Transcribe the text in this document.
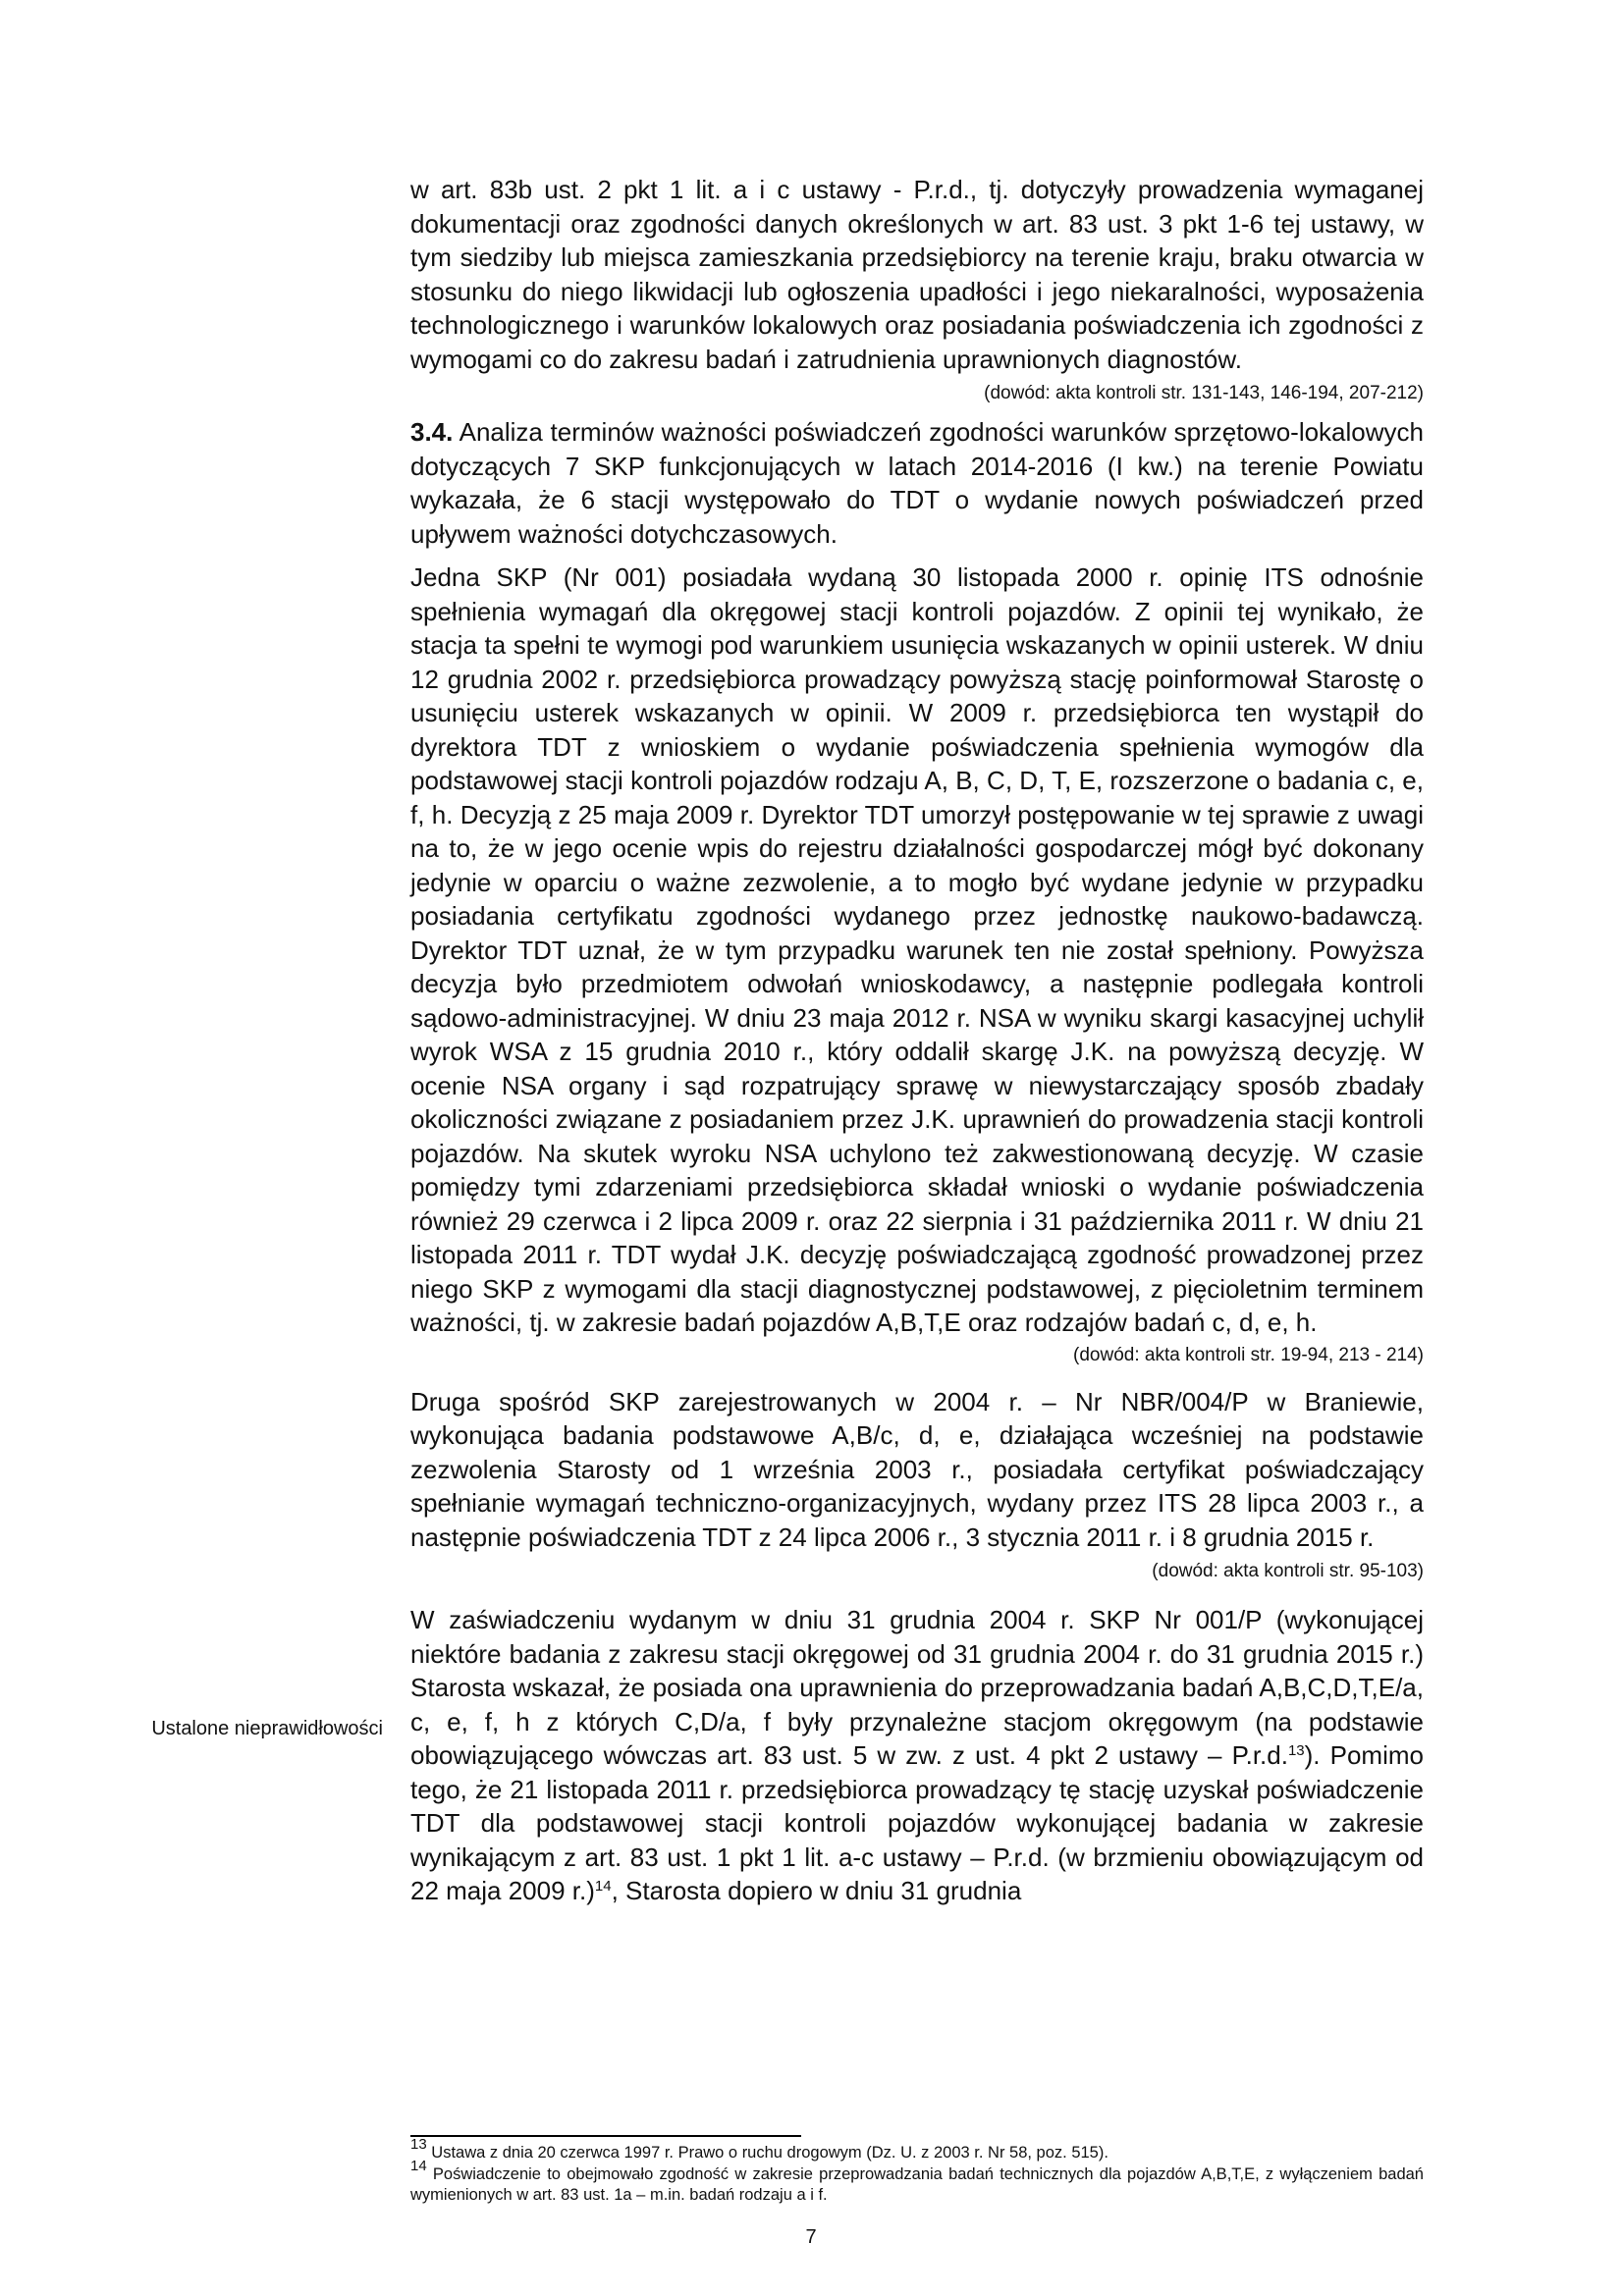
w art. 83b ust. 2 pkt 1 lit. a i c ustawy - P.r.d., tj. dotyczyły prowadzenia wymaganej dokumentacji oraz zgodności danych określonych w art. 83 ust. 3 pkt 1-6 tej ustawy, w tym siedziby lub miejsca zamieszkania przedsiębiorcy na terenie kraju, braku otwarcia w stosunku do niego likwidacji lub ogłoszenia upadłości i jego niekaralności, wyposażenia technologicznego i warunków lokalowych oraz posiadania poświadczenia ich zgodności z wymogami co do zakresu badań i zatrudnienia uprawnionych diagnostów.

(dowód: akta kontroli str. 131-143, 146-194, 207-212)

3.4. Analiza terminów ważności poświadczeń zgodności warunków sprzętowo-lokalowych dotyczących 7 SKP funkcjonujących w latach 2014-2016 (I kw.) na terenie Powiatu wykazała, że 6 stacji występowało do TDT o wydanie nowych poświadczeń przed upływem ważności dotychczasowych.

Jedna SKP (Nr 001) posiadała wydaną 30 listopada 2000 r. opinię ITS odnośnie spełnienia wymagań dla okręgowej stacji kontroli pojazdów. Z opinii tej wynikało, że stacja ta spełni te wymogi pod warunkiem usunięcia wskazanych w opinii usterek. W dniu 12 grudnia 2002 r. przedsiębiorca prowadzący powyższą stację poinformował Starostę o usunięciu usterek wskazanych w opinii. W 2009 r. przedsiębiorca ten wystąpił do dyrektora TDT z wnioskiem o wydanie poświadczenia spełnienia wymogów dla podstawowej stacji kontroli pojazdów rodzaju A, B, C, D, T, E, rozszerzone o badania c, e, f, h. Decyzją z 25 maja 2009 r. Dyrektor TDT umorzył postępowanie w tej sprawie z uwagi na to, że w jego ocenie wpis do rejestru działalności gospodarczej mógł być dokonany jedynie w oparciu o ważne zezwolenie, a to mogło być wydane jedynie w przypadku posiadania certyfikatu zgodności wydanego przez jednostkę naukowo-badawczą. Dyrektor TDT uznał, że w tym przypadku warunek ten nie został spełniony. Powyższa decyzja było przedmiotem odwołań wnioskodawcy, a następnie podlegała kontroli sądowo-administracyjnej. W dniu 23 maja 2012 r. NSA w wyniku skargi kasacyjnej uchylił wyrok WSA z 15 grudnia 2010 r., który oddalił skargę J.K. na powyższą decyzję. W ocenie NSA organy i sąd rozpatrujący sprawę w niewystarczający sposób zbadały okoliczności związane z posiadaniem przez J.K. uprawnień do prowadzenia stacji kontroli pojazdów. Na skutek wyroku NSA uchylono też zakwestionowaną decyzję. W czasie pomiędzy tymi zdarzeniami przedsiębiorca składał wnioski o wydanie poświadczenia również 29 czerwca i 2 lipca 2009 r. oraz 22 sierpnia i 31 października 2011 r. W dniu 21 listopada 2011 r. TDT wydał J.K. decyzję poświadczającą zgodność prowadzonej przez niego SKP z wymogami dla stacji diagnostycznej podstawowej, z pięcioletnim terminem ważności, tj. w zakresie badań pojazdów A,B,T,E oraz rodzajów badań c, d, e, h.

(dowód: akta kontroli str. 19-94, 213 - 214)

Druga spośród SKP zarejestrowanych w 2004 r. – Nr NBR/004/P w Braniewie, wykonująca badania podstawowe A,B/c, d, e, działająca wcześniej na podstawie zezwolenia Starosty od 1 września 2003 r., posiadała certyfikat poświadczający spełnianie wymagań techniczno-organizacyjnych, wydany przez ITS 28 lipca 2003 r., a następnie poświadczenia TDT z 24 lipca 2006 r., 3 stycznia 2011 r. i 8 grudnia 2015 r.

(dowód: akta kontroli str. 95-103)

W zaświadczeniu wydanym w dniu 31 grudnia 2004 r. SKP Nr 001/P (wykonującej niektóre badania z zakresu stacji okręgowej od 31 grudnia 2004 r. do 31 grudnia 2015 r.) Starosta wskazał, że posiada ona uprawnienia do przeprowadzania badań A,B,C,D,T,E/a, c, e, f, h z których C,D/a, f były przynależne stacjom okręgowym (na podstawie obowiązującego wówczas art. 83 ust. 5 w zw. z ust. 4 pkt 2 ustawy – P.r.d.$^{13}$). Pomimo tego, że 21 listopada 2011 r. przedsiębiorca prowadzący tę stację uzyskał poświadczenie TDT dla podstawowej stacji kontroli pojazdów wykonującej badania w zakresie wynikającym z art. 83 ust. 1 pkt 1 lit. a-c ustawy – P.r.d. (w brzmieniu obowiązującym od 22 maja 2009 r.)$^{14}$, Starosta dopiero w dniu 31 grudnia

Ustalone nieprawidłowości

$^{13}$ Ustawa z dnia 20 czerwca 1997 r. Prawo o ruchu drogowym (Dz. U. z 2003 r. Nr 58, poz. 515).

$^{14}$ Poświadczenie to obejmowało zgodność w zakresie przeprowadzania badań technicznych dla pojazdów A,B,T,E, z wyłączeniem badań wymienionych w art. 83 ust. 1a – m.in. badań rodzaju a i f.

7
